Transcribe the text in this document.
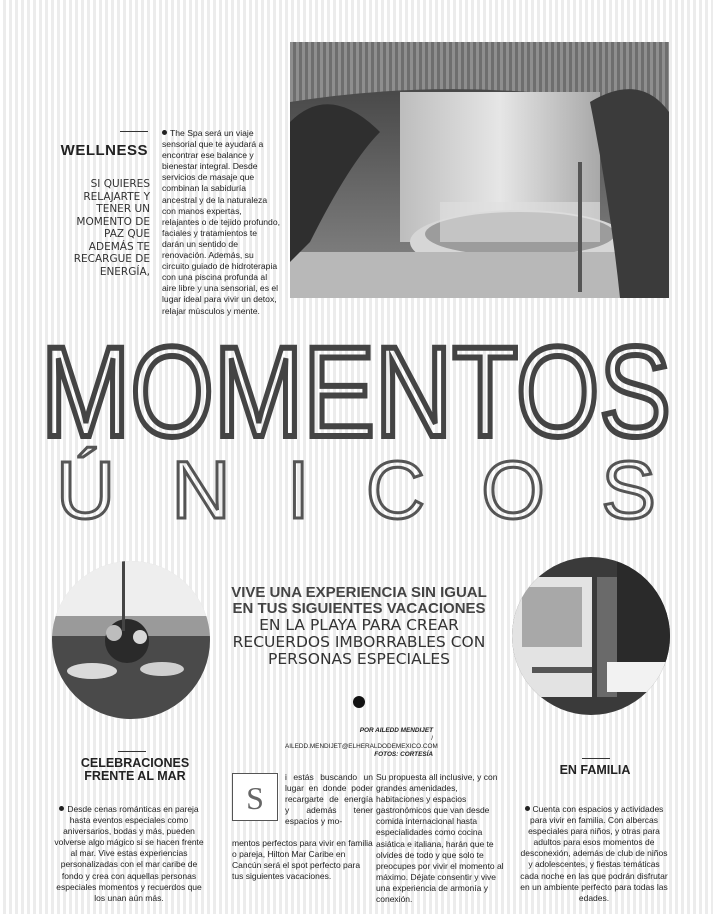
WELLNESS
SI QUIERES RELAJARTE Y TENER UN MOMENTO DE PAZ QUE ADEMÁS TE RECARGUE DE ENERGÍA,
The Spa será un viaje sensorial que te ayudará a encontrar ese balance y bienestar integral. Desde servicios de masaje que combinan la sabiduría ancestral y de la naturaleza con manos expertas, relajantes o de tejido profundo, faciales y tratamientos te darán un sentido de renovación. Además, su circuito guiado de hidroterapia con una piscina profunda al aire libre y una sensorial, es el lugar ideal para vivir un detox, relajar músculos y mente.
MOMENTOS
ÚNICOS
VIVE UNA EXPERIENCIA SIN IGUAL
EN TUS SIGUIENTES VACACIONES
EN LA PLAYA PARA CREAR
RECUERDOS IMBORRABLES CON
PERSONAS ESPECIALES
POR AILEDD MENDIJET
/ AILEDD.MENDIJET@ELHERALDODEMEXICO.COM
FOTOS: CORTESÍA
CELEBRACIONES
FRENTE AL MAR
Desde cenas románticas en pareja hasta eventos especiales como aniversarios, bodas y más, pueden volverse algo mágico si se hacen frente al mar. Vive estas experiencias personalizadas con el mar caribe de fondo y crea con aquellas personas especiales momentos y recuerdos que los unan aún más.
S
i estás buscando un lugar en donde poder recargarte de energía y además tener espacios y mo-
mentos perfectos para vivir en familia o pareja, Hilton Mar Caribe en Cancún será el spot perfecto para tus siguientes vacaciones.
Su propuesta all inclusive, y con grandes amenidades, habitaciones y espacios gastronómicos que van desde comida internacional hasta especialidades como cocina asiática e italiana, harán que te olvides de todo y que solo te preocupes por vivir el momento al máximo. Déjate consentir y vive una experiencia de armonía y conexión.
EN FAMILIA
Cuenta con espacios y actividades para vivir en familia. Con albercas especiales para niños, y otras para adultos para esos momentos de desconexión, además de club de niños y adolescentes, y fiestas temáticas cada noche en las que podrán disfrutar en un ambiente perfecto para todas las edades.
